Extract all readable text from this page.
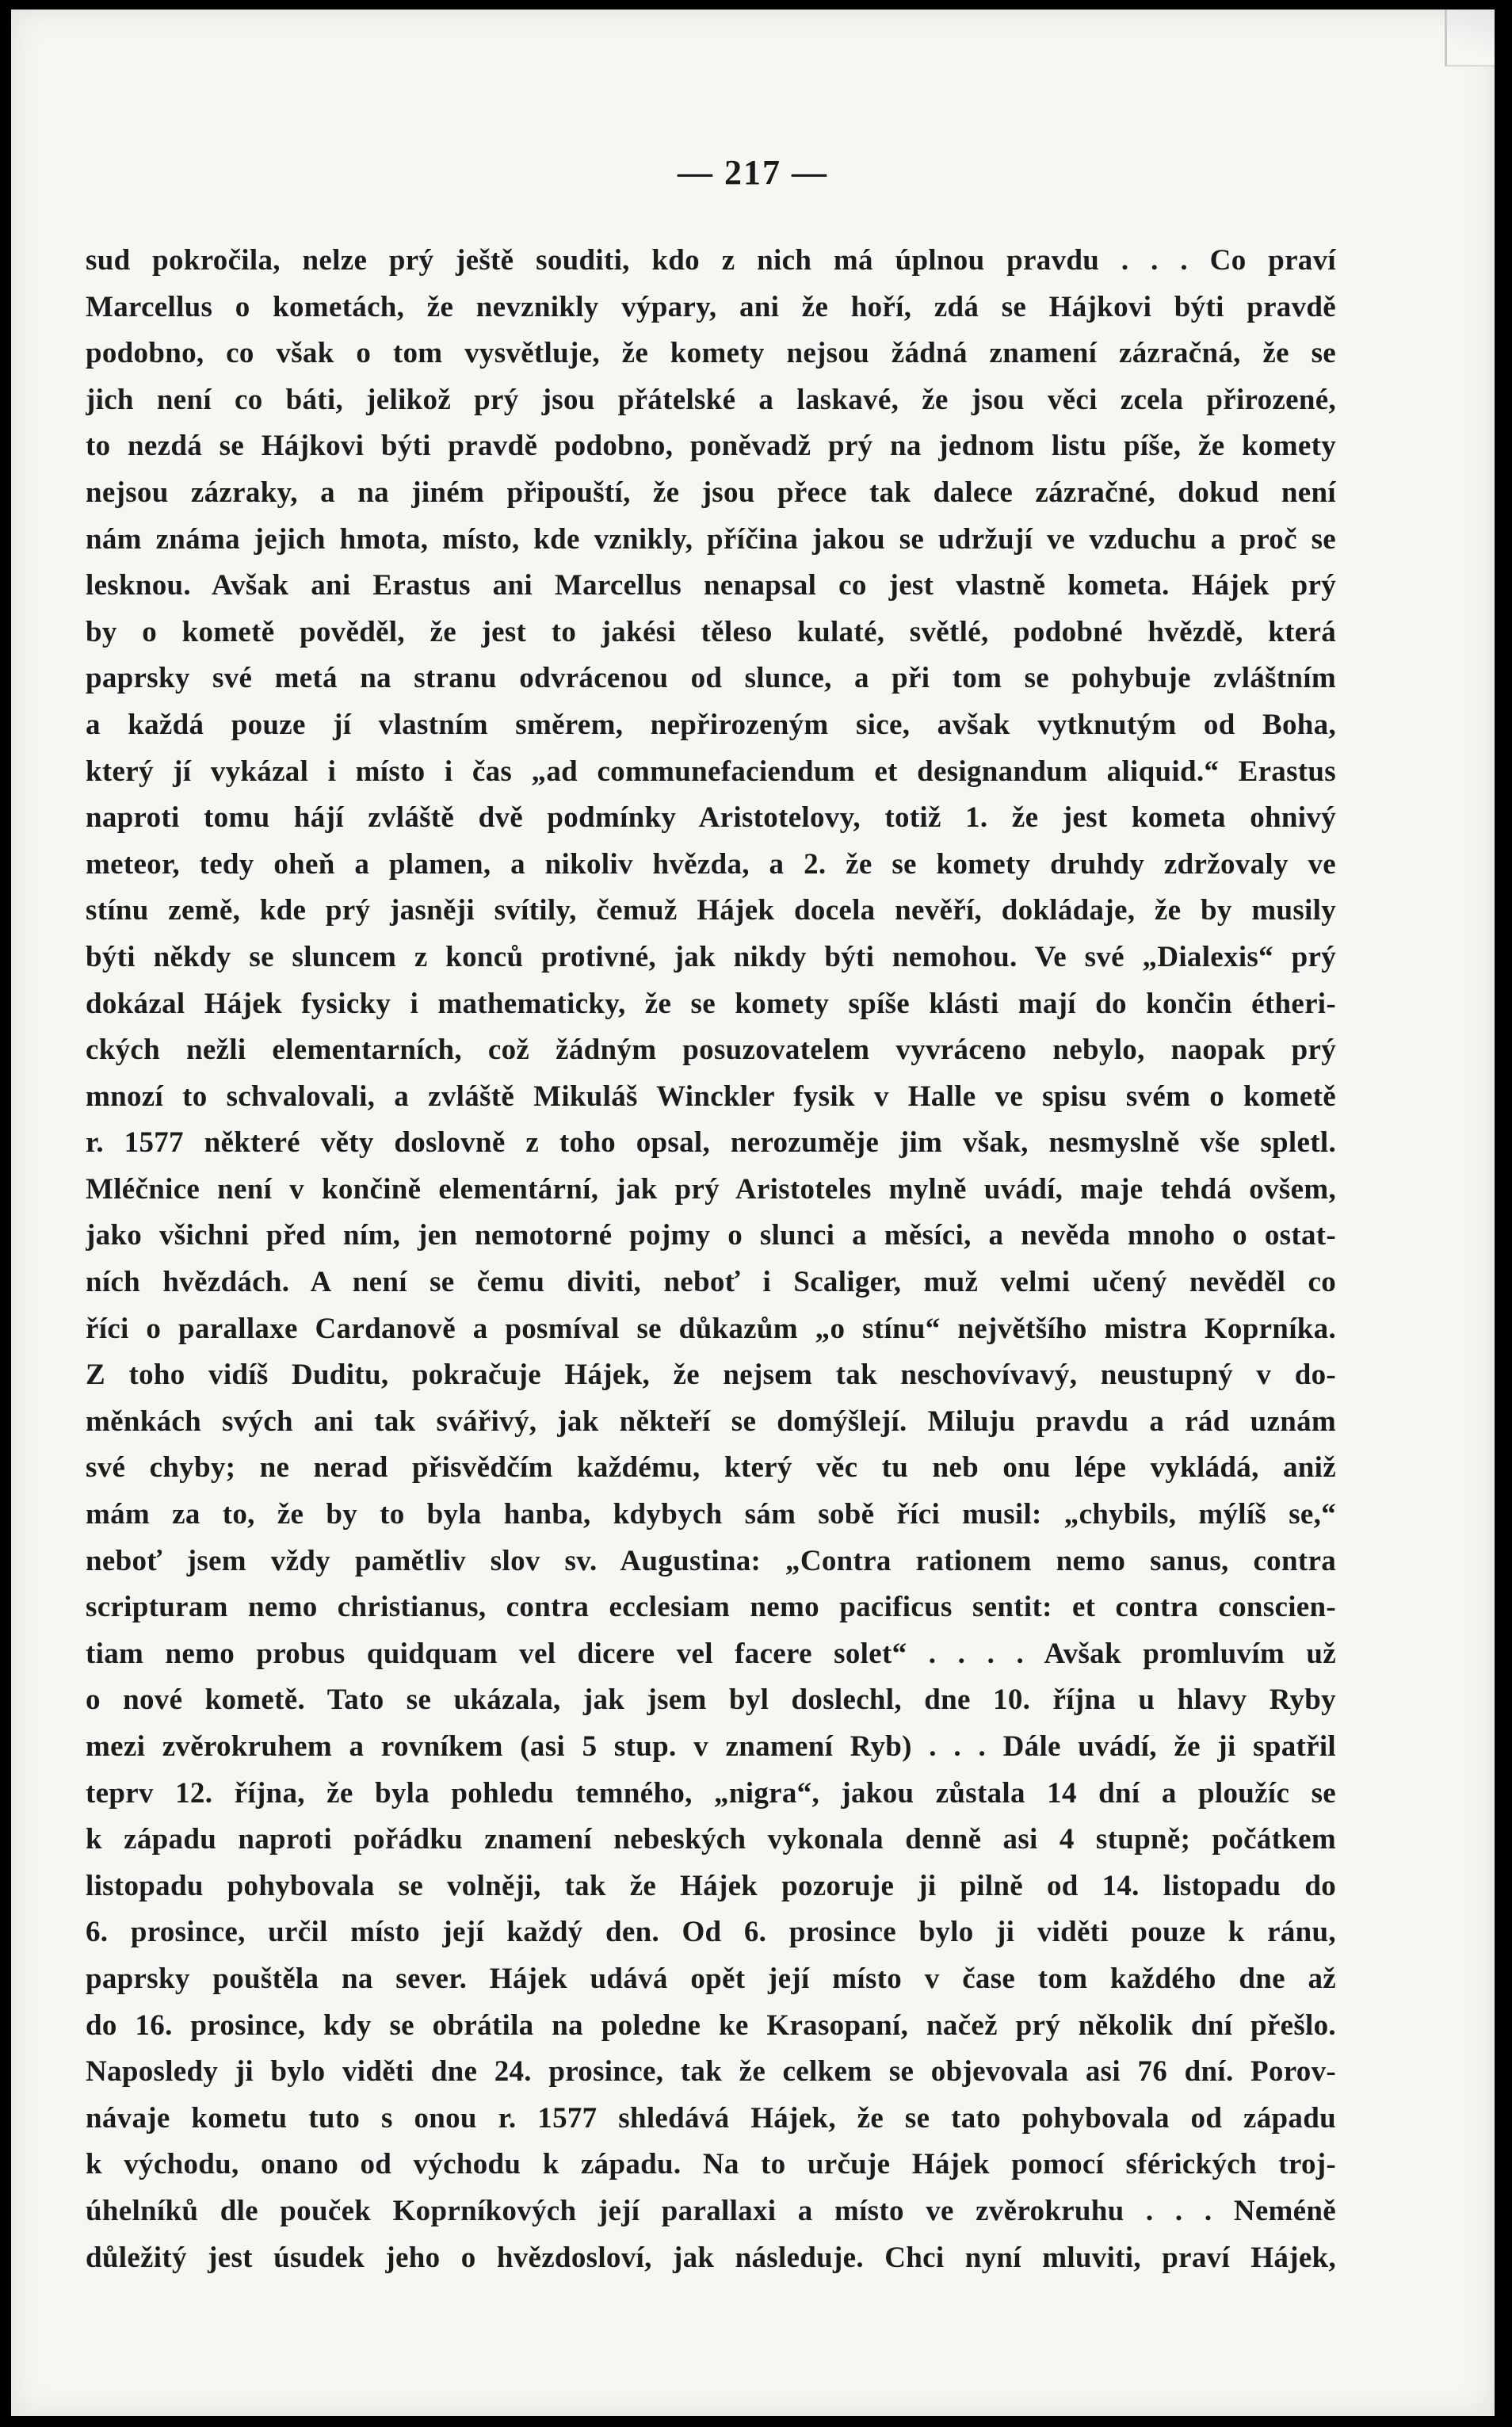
— 217 —
sud pokročila, nelze prý ještě souditi, kdo z nich má úplnou pravdu . . . Co praví
Marcellus o kometách, že nevznikly výpary, ani že hoří, zdá se Hájkovi býti pravdě
podobno, co však o tom vysvětluje, že komety nejsou žádná znamení zázračná, že se
jich není co báti, jelikož prý jsou přátelské a laskavé, že jsou věci zcela přirozené,
to nezdá se Hájkovi býti pravdě podobno, poněvadž prý na jednom listu píše, že komety
nejsou zázraky, a na jiném připouští, že jsou přece tak dalece zázračné, dokud není
nám známa jejich hmota, místo, kde vznikly, příčina jakou se udržují ve vzduchu a proč se
lesknou. Avšak ani Erastus ani Marcellus nenapsal co jest vlastně kometa. Hájek prý
by o kometě pověděl, že jest to jakési těleso kulaté, světlé, podobné hvězdě, která
paprsky své metá na stranu odvrácenou od slunce, a při tom se pohybuje zvláštním
a každá pouze jí vlastním směrem, nepřirozeným sice, avšak vytknutým od Boha,
který jí vykázal i místo i čas „ad communefaciendum et designandum aliquid.“ Erastus
naproti tomu hájí zvláště dvě podmínky Aristotelovy, totiž 1. že jest kometa ohnivý
meteor, tedy oheň a plamen, a nikoliv hvězda, a 2. že se komety druhdy zdržovaly ve
stínu země, kde prý jasněji svítily, čemuž Hájek docela nevěří, dokládaje, že by musily
býti někdy se sluncem z konců protivné, jak nikdy býti nemohou. Ve své „Dialexis“ prý
dokázal Hájek fysicky i mathematicky, že se komety spíše klásti mají do končin étheri-
ckých nežli elementarních, což žádným posuzovatelem vyvráceno nebylo, naopak prý
mnozí to schvalovali, a zvláště Mikuláš Winckler fysik v Halle ve spisu svém o kometě
r. 1577 některé věty doslovně z toho opsal, nerozuměje jim však, nesmyslně vše spletl.
Mléčnice není v končině elementární, jak prý Aristoteles mylně uvádí, maje tehdá ovšem,
jako všichni před ním, jen nemotorné pojmy o slunci a měsíci, a nevěda mnoho o ostat-
ních hvězdách. A není se čemu diviti, neboť i Scaliger, muž velmi učený nevěděl co
říci o parallaxe Cardanově a posmíval se důkazům „o stínu“ největšího mistra Koprníka.
Z toho vidíš Duditu, pokračuje Hájek, že nejsem tak neschovívavý, neustupný v do-
měnkách svých ani tak svářivý, jak někteří se domýšlejí. Miluju pravdu a rád uznám
své chyby; ne nerad přisvědčím každému, který věc tu neb onu lépe vykládá, aniž
mám za to, že by to byla hanba, kdybych sám sobě říci musil: „chybils, mýlíš se,“
neboť jsem vždy pamětliv slov sv. Augustina: „Contra rationem nemo sanus, contra
scripturam nemo christianus, contra ecclesiam nemo pacificus sentit: et contra conscien-
tiam nemo probus quidquam vel dicere vel facere solet“ . . . . Avšak promluvím už
o nové kometě. Tato se ukázala, jak jsem byl doslechl, dne 10. října u hlavy Ryby
mezi zvěrokruhem a rovníkem (asi 5 stup. v znamení Ryb) . . . Dále uvádí, že ji spatřil
teprv 12. října, že byla pohledu temného, „nigra“, jakou zůstala 14 dní a ploužíc se
k západu naproti pořádku znamení nebeských vykonala denně asi 4 stupně; počátkem
listopadu pohybovala se volněji, tak že Hájek pozoruje ji pilně od 14. listopadu do
6. prosince, určil místo její každý den. Od 6. prosince bylo ji viděti pouze k ránu,
paprsky pouštěla na sever. Hájek udává opět její místo v čase tom každého dne až
do 16. prosince, kdy se obrátila na poledne ke Krasopaní, načež prý několik dní přešlo.
Naposledy ji bylo viděti dne 24. prosince, tak že celkem se objevovala asi 76 dní. Porov-
návaje kometu tuto s onou r. 1577 shledává Hájek, že se tato pohybovala od západu
k východu, onano od východu k západu. Na to určuje Hájek pomocí sférických troj-
úhelníků dle pouček Koprníkových její parallaxi a místo ve zvěrokruhu . . . Neméně
důležitý jest úsudek jeho o hvězdosloví, jak následuje. Chci nyní mluviti, praví Hájek,
